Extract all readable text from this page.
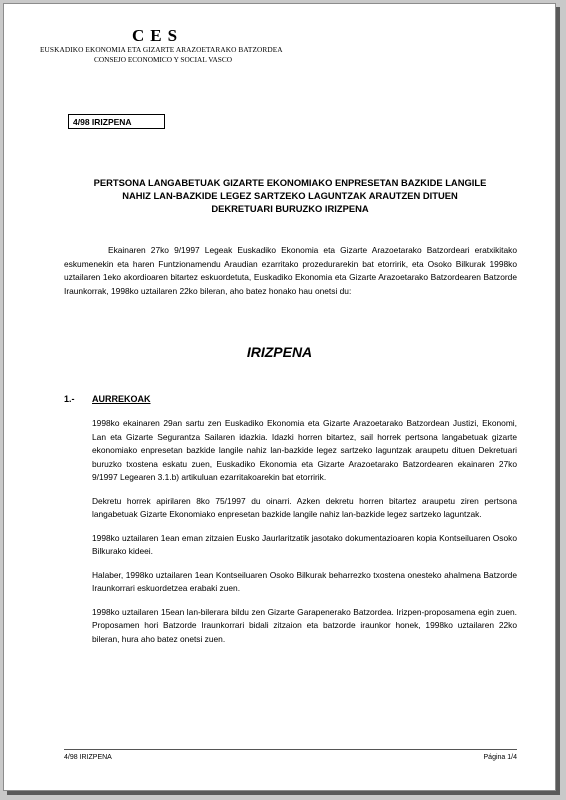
CES
EUSKADIKO EKONOMIA ETA GIZARTE ARAZOETARAKO BATZORDEA
CONSEJO ECONOMICO Y SOCIAL VASCO
4/98 IRIZPENA
PERTSONA LANGABETUAK GIZARTE EKONOMIAKO ENPRESETAN BAZKIDE LANGILE
NAHIZ LAN-BAZKIDE LEGEZ SARTZEKO LAGUNTZAK ARAUTZEN DITUEN
DEKRETUARI BURUZKO IRIZPENA
Ekainaren 27ko 9/1997 Legeak Euskadiko Ekonomia eta Gizarte Arazoetarako Batzordeari eratxikitako eskumenekin eta haren Funtzionamendu Araudian ezarritako prozedurarekin bat etorririk, eta Osoko Bilkurak 1998ko uztailaren 1eko akordioaren bitartez eskuordetuta, Euskadiko Ekonomia eta Gizarte Arazoetarako Batzordearen Batzorde Iraunkorrak, 1998ko uztailaren 22ko bileran, aho batez honako hau onetsi du:
IRIZPENA
1.- AURREKOAK

1998ko ekainaren 29an sartu zen Euskadiko Ekonomia eta Gizarte Arazoetarako Batzordean Justizi, Ekonomi, Lan eta Gizarte Segurantza Sailaren idazkia. Idazki horren bitartez, sail horrek pertsona langabetuak gizarte ekonomiako enpresetan bazkide langile nahiz lan-bazkide legez sartzeko laguntzak araupetu dituen Dekretuari buruzko txostena eskatu zuen, Euskadiko Ekonomia eta Gizarte Arazoetarako Batzordearen ekainaren 27ko 9/1997 Legearen 3.1.b) artikuluan ezarritakoarekin bat etorririk.

Dekretu horrek apirilaren 8ko 75/1997 du oinarri. Azken dekretu horren bitartez araupetu ziren pertsona langabetuak Gizarte Ekonomiako enpresetan bazkide langile nahiz lan-bazkide legez sartzeko laguntzak.

1998ko uztailaren 1ean eman zitzaien Eusko Jaurlaritzatik jasotako dokumentazioaren kopia Kontseiluaren Osoko Bilkurako kideei.

Halaber, 1998ko uztailaren 1ean Kontseiluaren Osoko Bilkurak beharrezko txostena onesteko ahalmena Batzorde Iraunkorrari eskuordetzea erabaki zuen.

1998ko uztailaren 15ean lan-bilerara bildu zen Gizarte Garapenerako Batzordea. Irizpen-proposamena egin zuen. Proposamen hori Batzorde Iraunkorrari bidali zitzaion eta batzorde iraunkor honek, 1998ko uztailaren 22ko bileran, hura aho batez onetsi zuen.

4/98 IRIZPENA	Página 1/4
